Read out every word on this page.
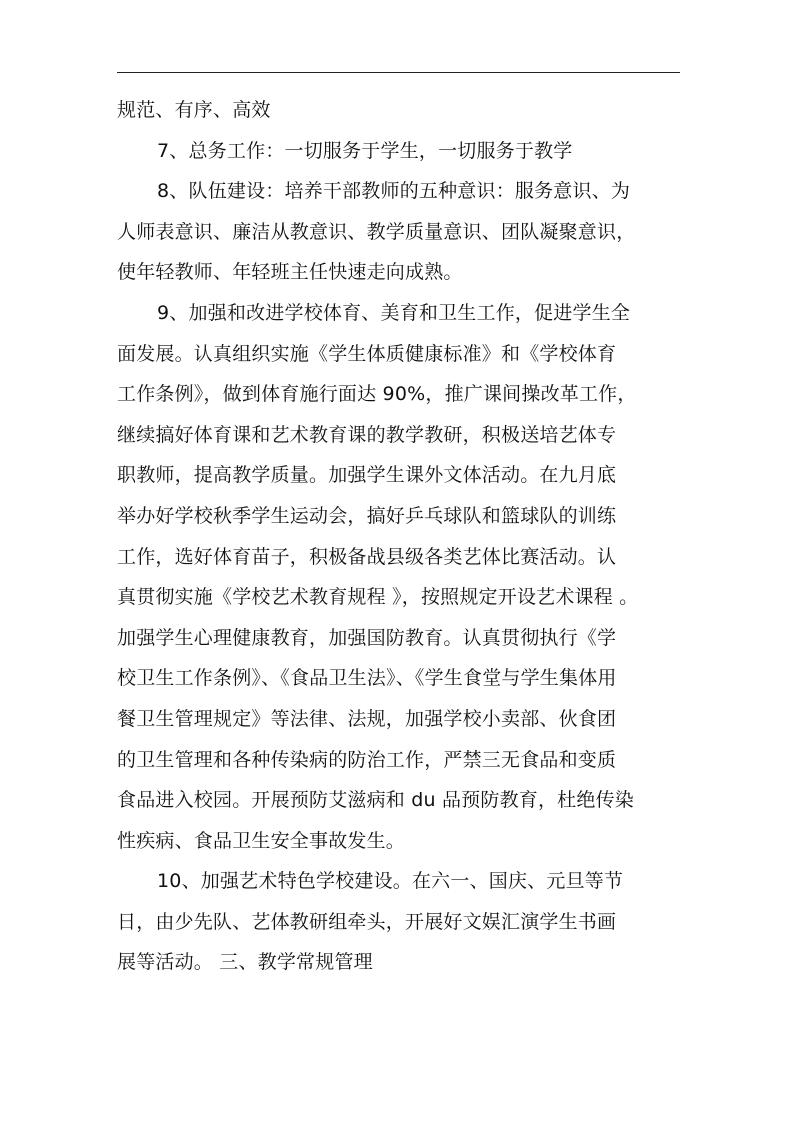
规范、有序、高效
7、总务工作：一切服务于学生，一切服务于教学
8、队伍建设：培养干部教师的五种意识：服务意识、为
人师表意识、廉洁从教意识、教学质量意识、团队凝聚意识，
使年轻教师、年轻班主任快速走向成熟。
9、加强和改进学校体育、美育和卫生工作，促进学生全
面发展。认真组织实施《学生体质健康标准》和《学校体育
工作条例》，做到体育施行面达 90%，推广课间操改革工作，
继续搞好体育课和艺术教育课的教学教研，积极送培艺体专
职教师，提高教学质量。加强学生课外文体活动。在九月底
举办好学校秋季学生运动会，搞好乒乓球队和篮球队的训练
工作，选好体育苗子，积极备战县级各类艺体比赛活动。认
真贯彻实施《学校艺术教育规程 》，按照规定开设艺术课程 。
加强学生心理健康教育，加强国防教育。认真贯彻执行《学
校卫生工作条例》、《食品卫生法》、《学生食堂与学生集体用
餐卫生管理规定》等法律、法规，加强学校小卖部、伙食团
的卫生管理和各种传染病的防治工作，严禁三无食品和变质
食品进入校园。开展预防艾滋病和 du 品预防教育，杜绝传染
性疾病、食品卫生安全事故发生。
10、加强艺术特色学校建设。在六一、国庆、元旦等节
日，由少先队、艺体教研组牵头，开展好文娱汇演学生书画
展等活动。 三、教学常规管理
